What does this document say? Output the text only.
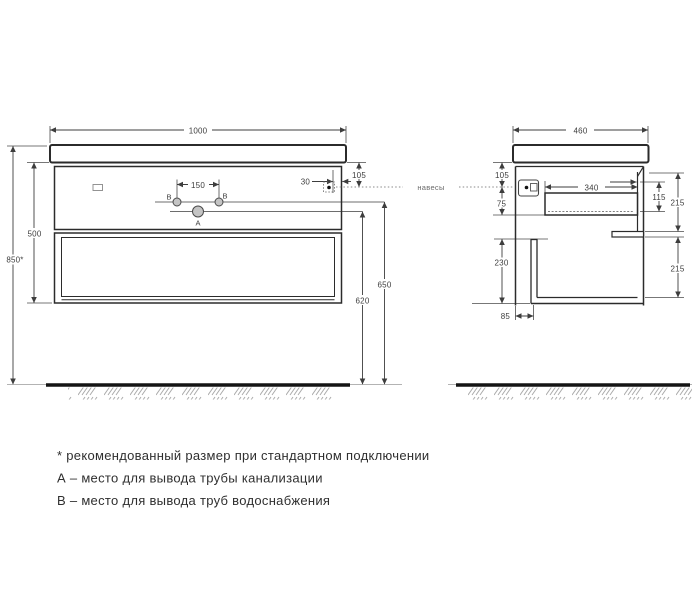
1000
850*
500
150
105
30
650
620
B	B
A
навесы
460
105
75
340
115
215
215
230
85
* рекомендованный размер при стандартном подключении
А – место для вывода трубы канализации
В – место для вывода труб водоснабжения
